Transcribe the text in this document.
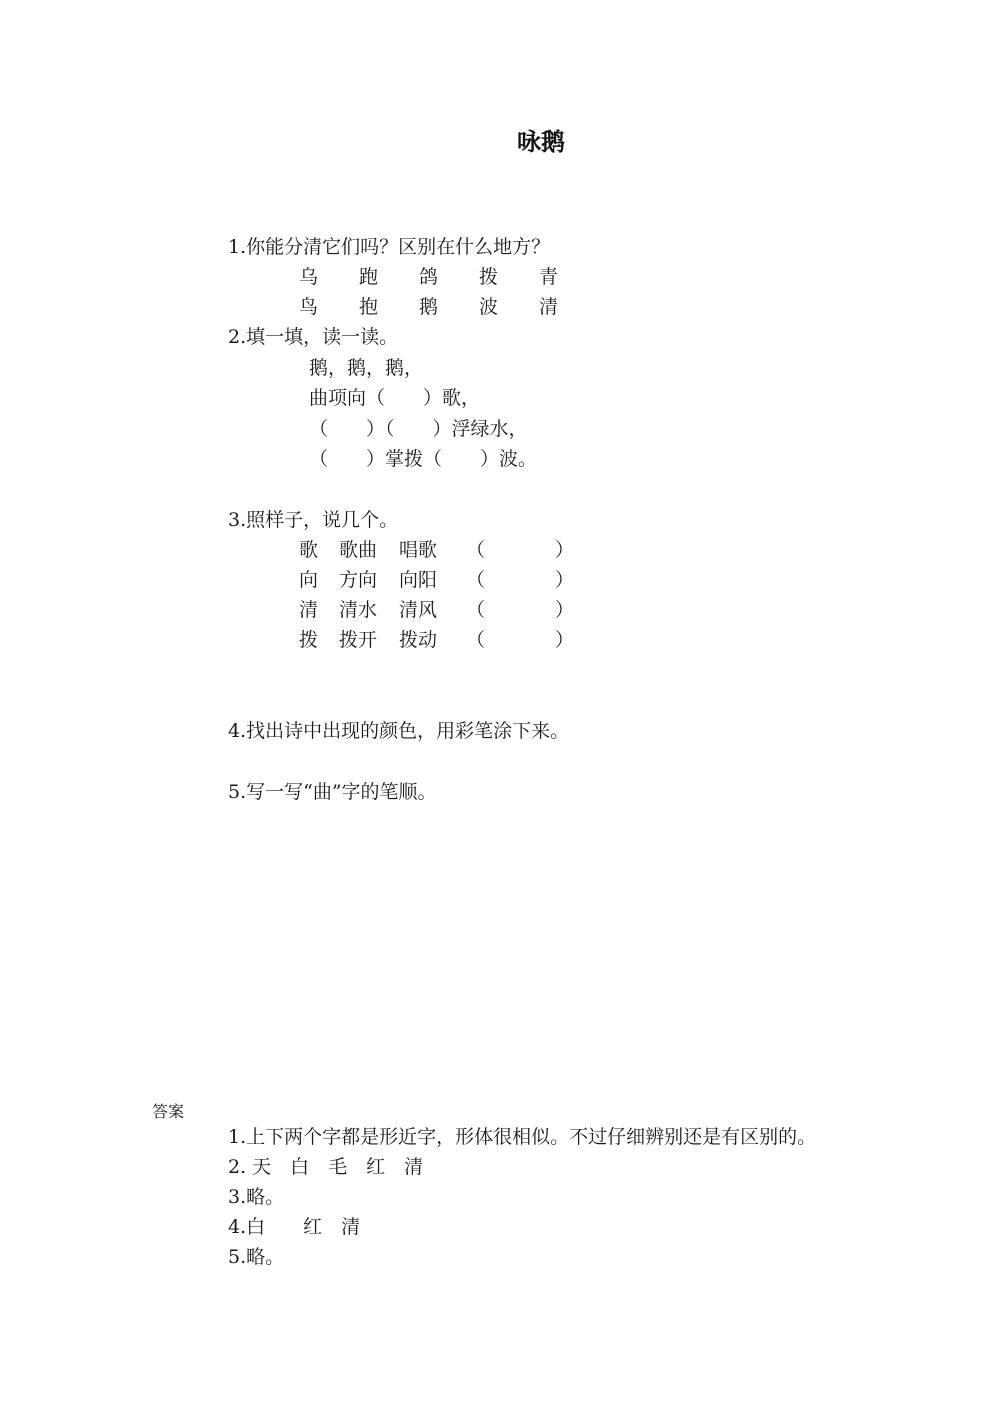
咏鹅
1.你能分清它们吗？区别在什么地方？
乌 跑 鸽 拨 青
鸟 抱 鹅 波 清
2.填一填，读一读。
鹅，鹅，鹅，
曲项向（　　）歌，
（　　）（　　）浮绿水，
（　　）掌拨（　　）波。
3.照样子，说几个。
歌 歌曲 唱歌 （	）
向 方向 向阳 （	）
清 清水 清风 （	）
拨 拨开 拨动 （	）
4.找出诗中出现的颜色，用彩笔涂下来。
5.写一写“曲”字的笔顺。
答案
1.上下两个字都是形近字，形体很相似。不过仔细辨别还是有区别的。
2. 天　白　毛　红　清
3.略。
4.白　　红　清
5.略。
